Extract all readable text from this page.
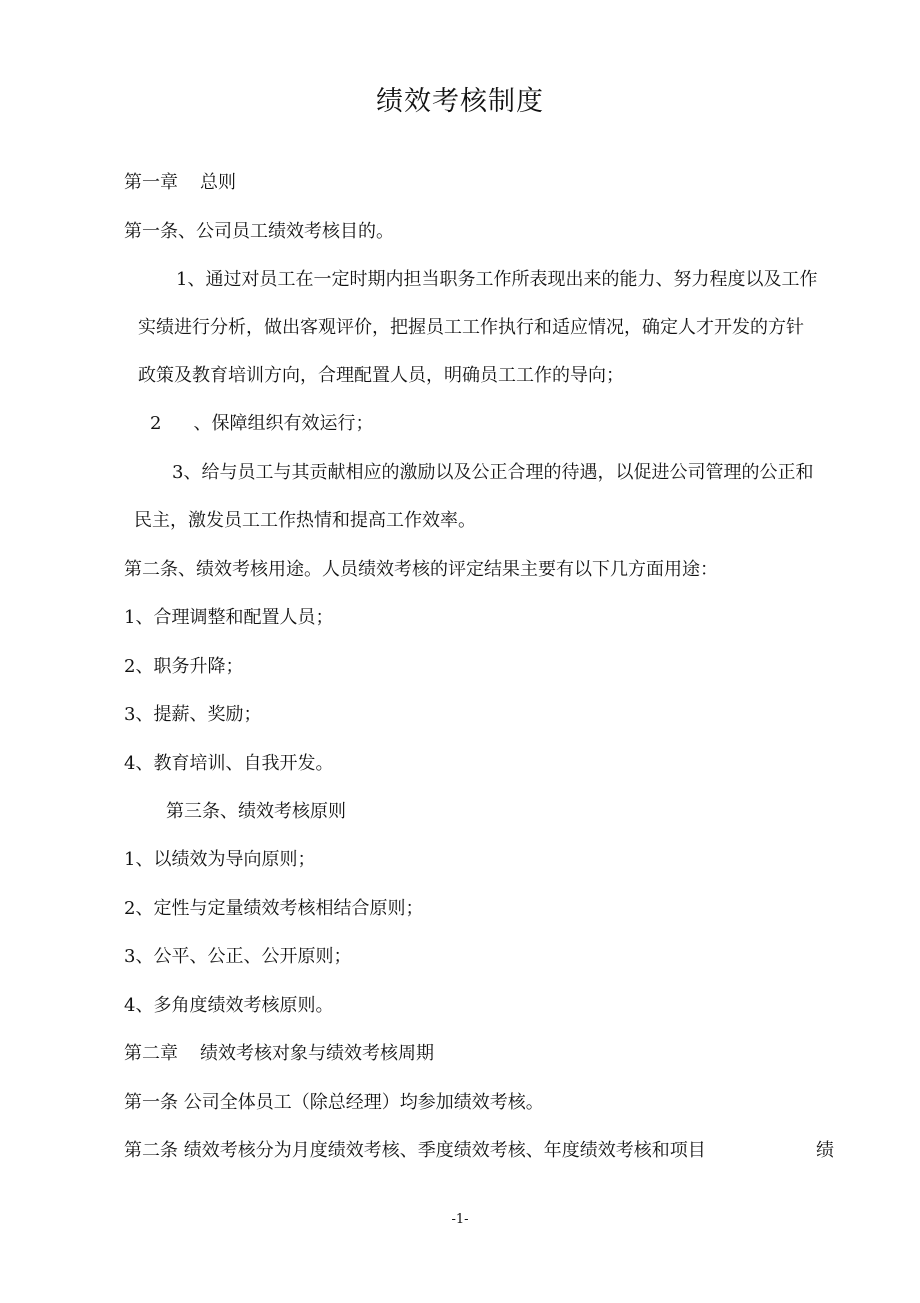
绩效考核制度
第一章 总则
第一条、公司员工绩效考核目的。
1、通过对员工在一定时期内担当职务工作所表现出来的能力、努力程度以及工作
实绩进行分析，做出客观评价，把握员工工作执行和适应情况，确定人才开发的方针
政策及教育培训方向，合理配置人员，明确员工工作的导向；
2 、保障组织有效运行；
3、给与员工与其贡献相应的激励以及公正合理的待遇，以促进公司管理的公正和
民主，激发员工工作热情和提高工作效率。
第二条、绩效考核用途。人员绩效考核的评定结果主要有以下几方面用途：
1、合理调整和配置人员；
2、职务升降；
3、提薪、奖励；
4、教育培训、自我开发。
第三条、绩效考核原则
1、以绩效为导向原则；
2、定性与定量绩效考核相结合原则；
3、公平、公正、公开原则；
4、多角度绩效考核原则。
第二章 绩效考核对象与绩效考核周期
第一条 公司全体员工（除总经理）均参加绩效考核。
第二条 绩效考核分为月度绩效考核、季度绩效考核、年度绩效考核和项目	绩
-1-
